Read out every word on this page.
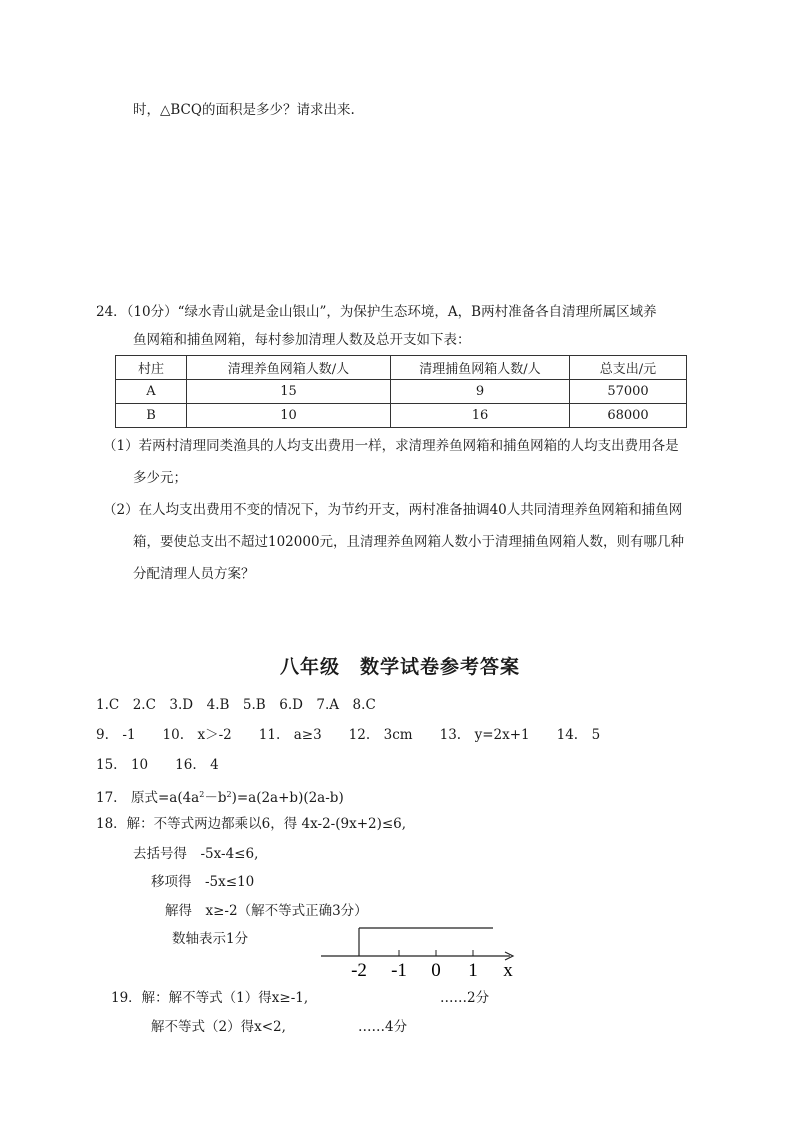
时，△BCQ的面积是多少？请求出来.
24．（10分）“绿水青山就是金山银山”，为保护生态环境，A，B两村准备各自清理所属区域养
鱼网箱和捕鱼网箱，每村参加清理人数及总开支如下表：
村庄	清理养鱼网箱人数/人	清理捕鱼网箱人数/人	总支出/元
A	15	9	57000
B	10	16	68000
（1）若两村清理同类渔具的人均支出费用一样，求清理养鱼网箱和捕鱼网箱的人均支出费用各是
多少元；
（2）在人均支出费用不变的情况下，为节约开支，两村准备抽调40人共同清理养鱼网箱和捕鱼网
箱，要使总支出不超过102000元，且清理养鱼网箱人数小于清理捕鱼网箱人数，则有哪几种
分配清理人员方案？
八年级　数学试卷参考答案
1.C　2.C　3.D　4.B　5.B　6.D　7.A　8.C
9.　-1　　10.　x＞-2　　11.　a≥3　　12.　3cm　　13.　y=2x+1　　14.　5
15.　10　　16.　4
17.　原式$=a(4a^2-b^2)=a(2a+b)(2a-b)$
18．解：不等式两边都乘以6，得 4x-2-(9x+2)≤6,
去括号得　-5x-4≤6,
移项得　-5x≤10
解得　x≥-2（解不等式正确3分）
数轴表示1分
-2 -1 0 1 x
19．解：解不等式（1）得x≥-1,	……2分
解不等式（2）得x<2,	……4分
